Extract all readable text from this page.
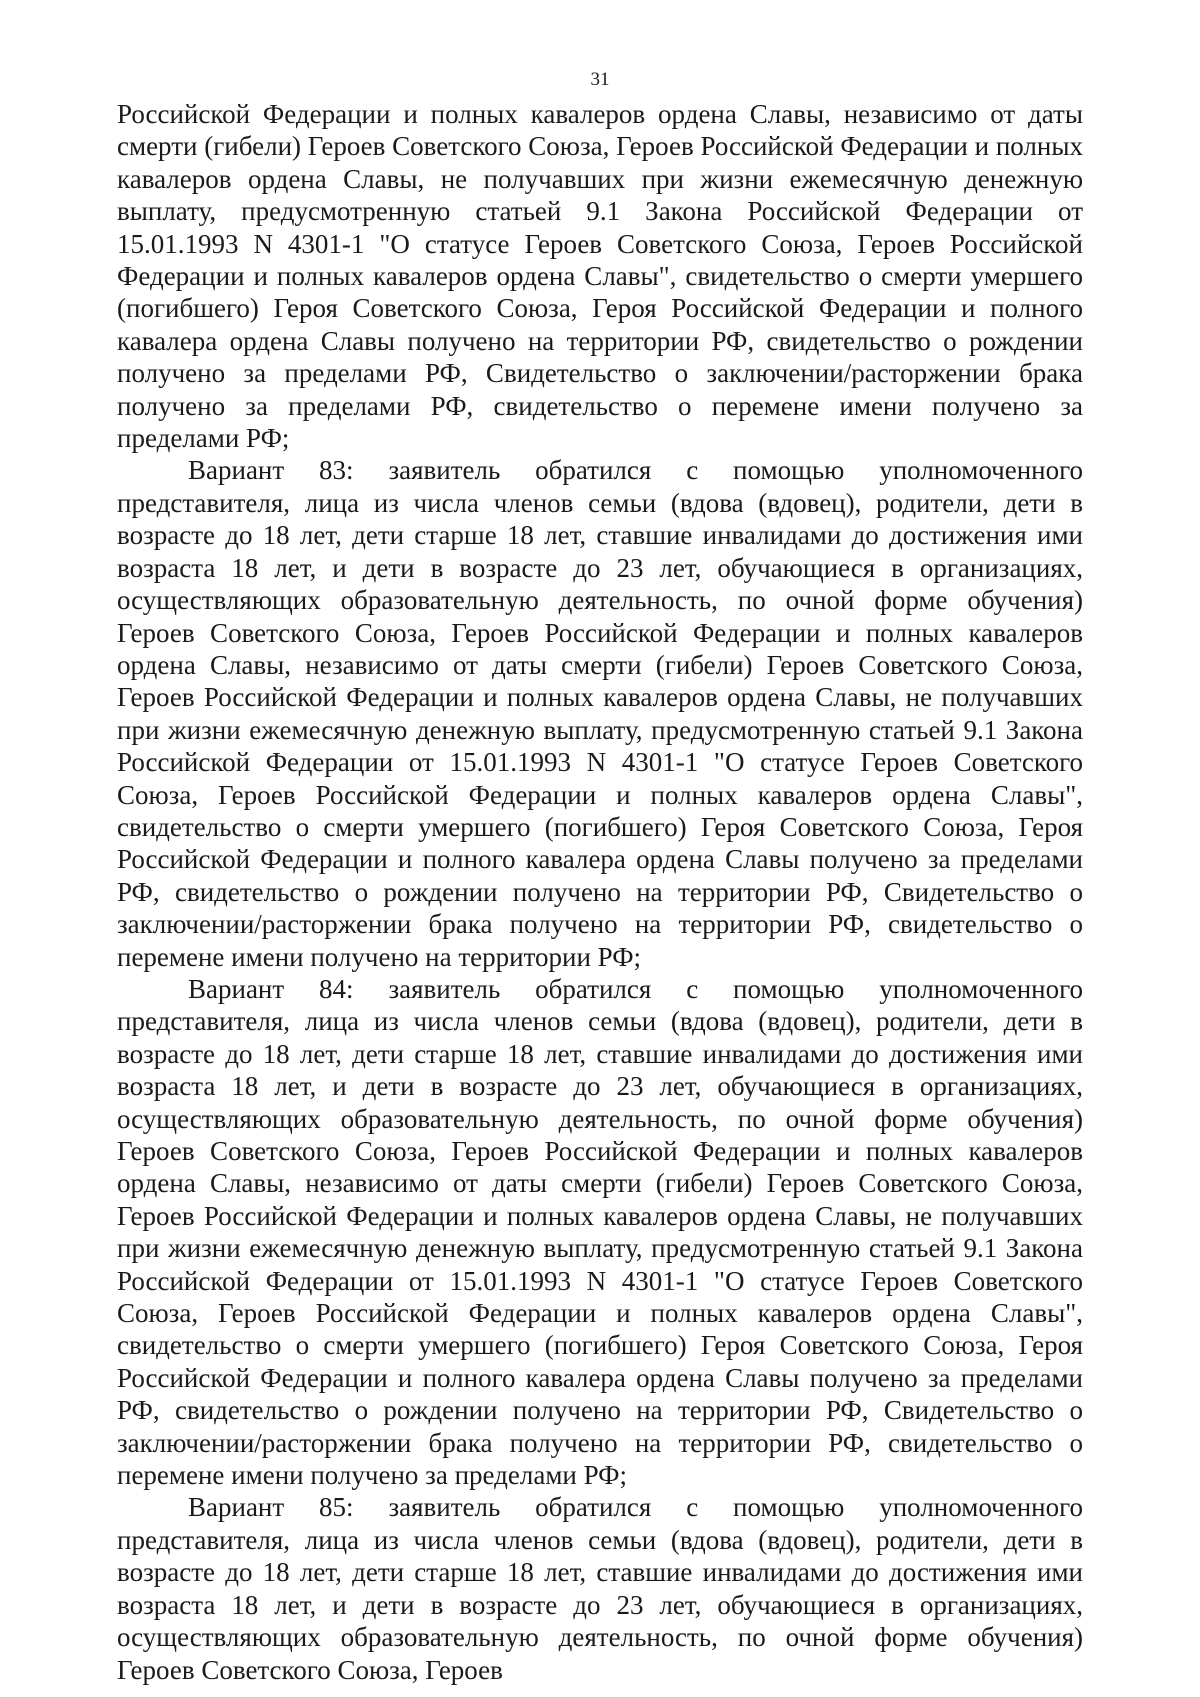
31

Российской Федерации и полных кавалеров ордена Славы, независимо от даты смерти (гибели) Героев Советского Союза, Героев Российской Федерации и полных кавалеров ордена Славы, не получавших при жизни ежемесячную денежную выплату, предусмотренную статьей 9.1 Закона Российской Федерации от 15.01.1993 N 4301-1 "О статусе Героев Советского Союза, Героев Российской Федерации и полных кавалеров ордена Славы", свидетельство о смерти умершего (погибшего) Героя Советского Союза, Героя Российской Федерации и полного кавалера ордена Славы получено на территории РФ, свидетельство о рождении получено за пределами РФ, Свидетельство о заключении/расторжении брака получено за пределами РФ, свидетельство о перемене имени получено за пределами РФ;

Вариант 83: заявитель обратился с помощью уполномоченного представителя, лица из числа членов семьи (вдова (вдовец), родители, дети в возрасте до 18 лет, дети старше 18 лет, ставшие инвалидами до достижения ими возраста 18 лет, и дети в возрасте до 23 лет, обучающиеся в организациях, осуществляющих образовательную деятельность, по очной форме обучения) Героев Советского Союза, Героев Российской Федерации и полных кавалеров ордена Славы, независимо от даты смерти (гибели) Героев Советского Союза, Героев Российской Федерации и полных кавалеров ордена Славы, не получавших при жизни ежемесячную денежную выплату, предусмотренную статьей 9.1 Закона Российской Федерации от 15.01.1993 N 4301-1 "О статусе Героев Советского Союза, Героев Российской Федерации и полных кавалеров ордена Славы", свидетельство о смерти умершего (погибшего) Героя Советского Союза, Героя Российской Федерации и полного кавалера ордена Славы получено за пределами РФ, свидетельство о рождении получено на территории РФ, Свидетельство о заключении/расторжении брака получено на территории РФ, свидетельство о перемене имени получено на территории РФ;

Вариант 84: заявитель обратился с помощью уполномоченного представителя, лица из числа членов семьи (вдова (вдовец), родители, дети в возрасте до 18 лет, дети старше 18 лет, ставшие инвалидами до достижения ими возраста 18 лет, и дети в возрасте до 23 лет, обучающиеся в организациях, осуществляющих образовательную деятельность, по очной форме обучения) Героев Советского Союза, Героев Российской Федерации и полных кавалеров ордена Славы, независимо от даты смерти (гибели) Героев Советского Союза, Героев Российской Федерации и полных кавалеров ордена Славы, не получавших при жизни ежемесячную денежную выплату, предусмотренную статьей 9.1 Закона Российской Федерации от 15.01.1993 N 4301-1 "О статусе Героев Советского Союза, Героев Российской Федерации и полных кавалеров ордена Славы", свидетельство о смерти умершего (погибшего) Героя Советского Союза, Героя Российской Федерации и полного кавалера ордена Славы получено за пределами РФ, свидетельство о рождении получено на территории РФ, Свидетельство о заключении/расторжении брака получено на территории РФ, свидетельство о перемене имени получено за пределами РФ;

Вариант 85: заявитель обратился с помощью уполномоченного представителя, лица из числа членов семьи (вдова (вдовец), родители, дети в возрасте до 18 лет, дети старше 18 лет, ставшие инвалидами до достижения ими возраста 18 лет, и дети в возрасте до 23 лет, обучающиеся в организациях, осуществляющих образовательную деятельность, по очной форме обучения) Героев Советского Союза, Героев
